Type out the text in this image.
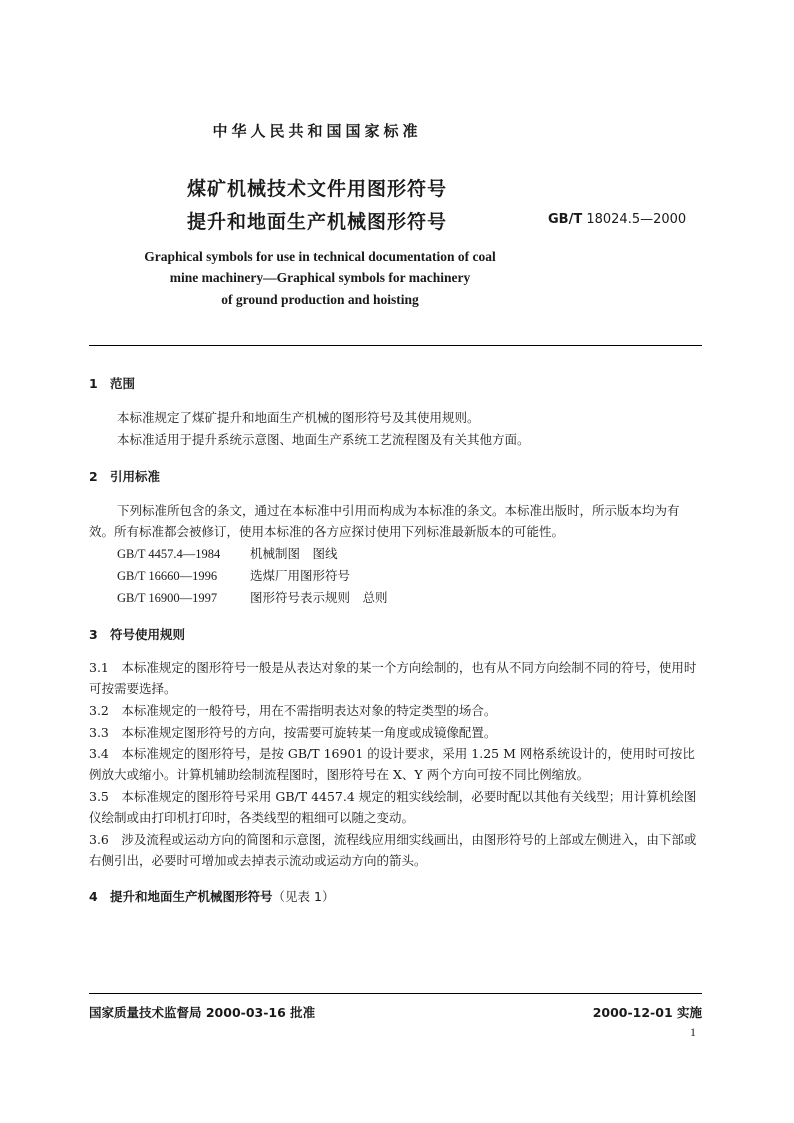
中华人民共和国国家标准
煤矿机械技术文件用图形符号
提升和地面生产机械图形符号	GB/T 18024.5—2000
Graphical symbols for use in technical documentation of coal
mine machinery—Graphical symbols for machinery
of ground production and hoisting
1 范围
本标准规定了煤矿提升和地面生产机械的图形符号及其使用规则。
本标准适用于提升系统示意图、地面生产系统工艺流程图及有关其他方面。
2 引用标准
下列标准所包含的条文，通过在本标准中引用而构成为本标准的条文。本标准出版时，所示版本均为有效。所有标准都会被修订，使用本标准的各方应探讨使用下列标准最新版本的可能性。
GB/T 4457.4—1984 机械制图　图线
GB/T 16660—1996	选煤厂用图形符号
GB/T 16900—1997	图形符号表示规则　总则
3 符号使用规则
3.1　 本标准规定的图形符号一般是从表达对象的某一个方向绘制的，也有从不同方向绘制不同的符号，使用时可按需要选择。
3.2　 本标准规定的一般符号，用在不需指明表达对象的特定类型的场合。
3.3　 本标准规定图形符号的方向，按需要可旋转某一角度或成镜像配置。
3.4　 本标准规定的图形符号，是按 GB/T 16901 的设计要求，采用 1.25 M 网格系统设计的，使用时可按比例放大或缩小。计算机辅助绘制流程图时，图形符号在 X、Y 两个方向可按不同比例缩放。
3.5　 本标准规定的图形符号采用 GB/T 4457.4 规定的粗实线绘制，必要时配以其他有关线型；用计算机绘图仪绘制或由打印机打印时，各类线型的粗细可以随之变动。
3.6　 涉及流程或运动方向的简图和示意图，流程线应用细实线画出，由图形符号的上部或左侧进入，由下部或右侧引出，必要时可增加或去掉表示流动或运动方向的箭头。
4 提升和地面生产机械图形符号（见表 1）
国家质量技术监督局 2000-03-16 批准	2000-12-01 实施
1
